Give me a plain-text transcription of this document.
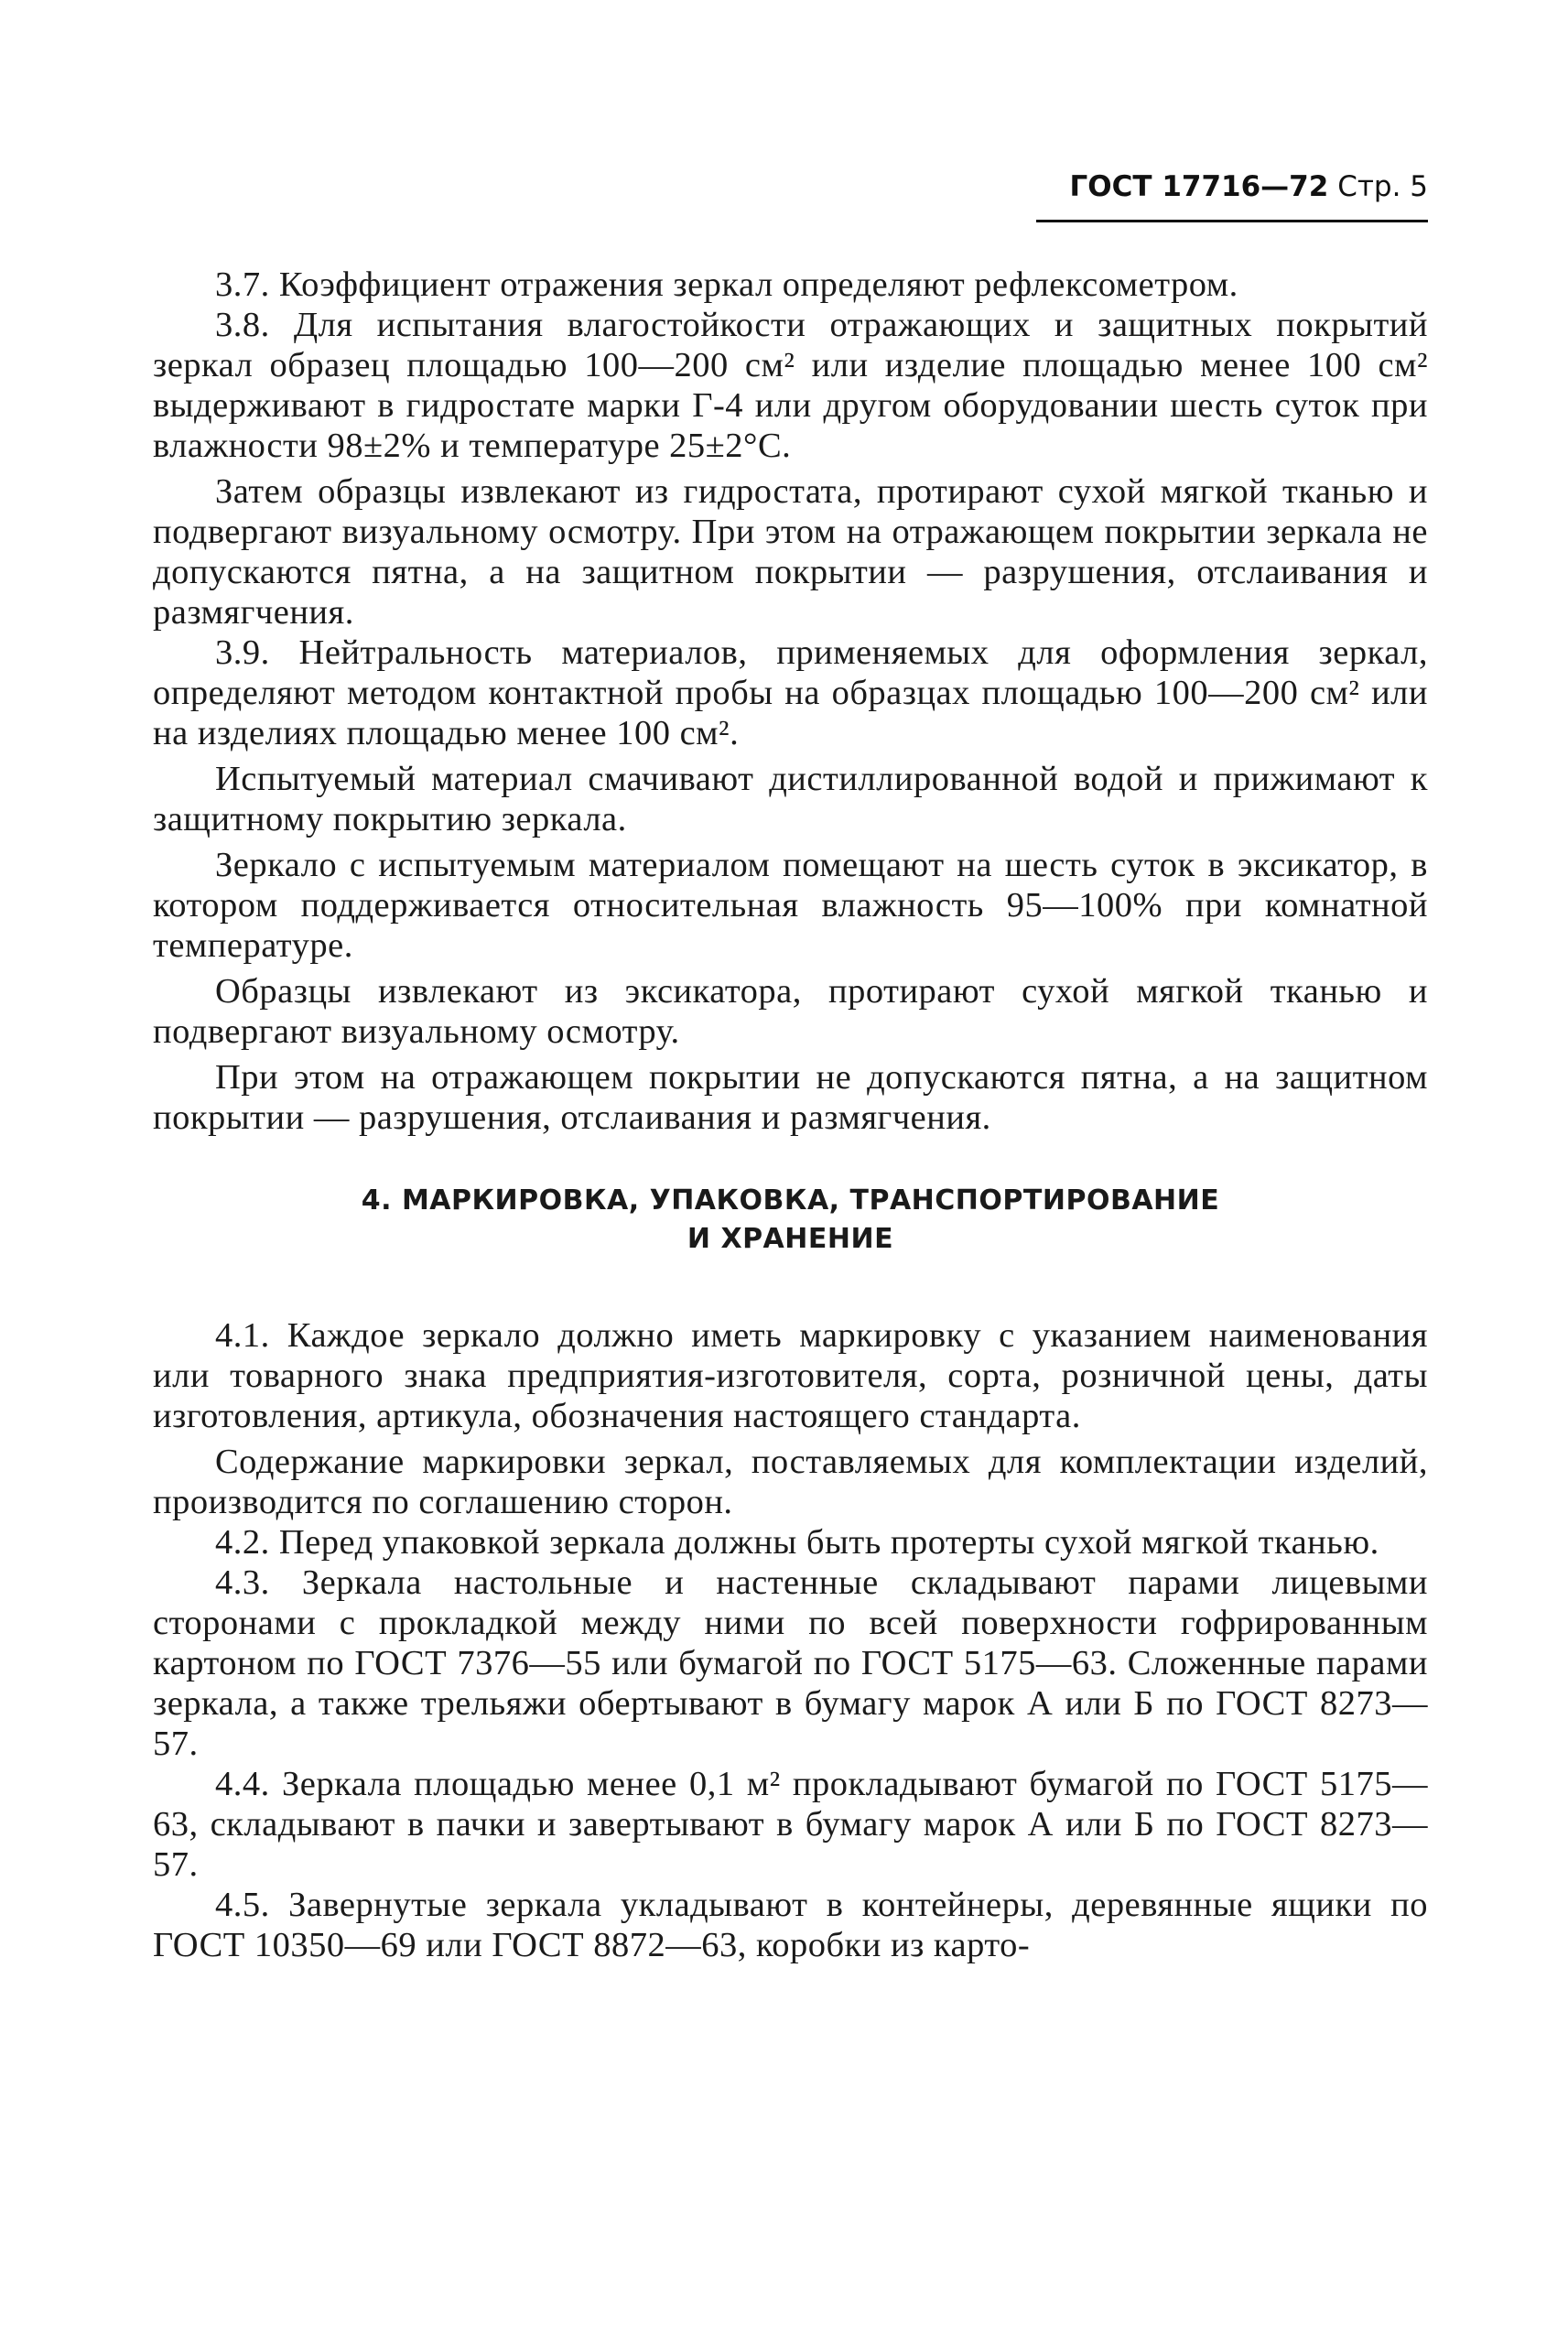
ГОСТ 17716—72 Стр. 5

3.7. Коэффициент отражения зеркал определяют рефлексометром.

3.8. Для испытания влагостойкости отражающих и защитных покрытий зеркал образец площадью 100—200 см² или изделие площадью менее 100 см² выдерживают в гидростате марки Г-4 или другом оборудовании шесть суток при влажности 98±2% и температуре 25±2°С.

Затем образцы извлекают из гидростата, протирают сухой мягкой тканью и подвергают визуальному осмотру. При этом на отражающем покрытии зеркала не допускаются пятна, а на защитном покрытии — разрушения, отслаивания и размягчения.

3.9. Нейтральность материалов, применяемых для оформления зеркал, определяют методом контактной пробы на образцах площадью 100—200 см² или на изделиях площадью менее 100 см².

Испытуемый материал смачивают дистиллированной водой и прижимают к защитному покрытию зеркала.

Зеркало с испытуемым материалом помещают на шесть суток в эксикатор, в котором поддерживается относительная влажность 95—100% при комнатной температуре.

Образцы извлекают из эксикатора, протирают сухой мягкой тканью и подвергают визуальному осмотру.

При этом на отражающем покрытии не допускаются пятна, а на защитном покрытии — разрушения, отслаивания и размягчения.

4. МАРКИРОВКА, УПАКОВКА, ТРАНСПОРТИРОВАНИЕ
И ХРАНЕНИЕ

4.1. Каждое зеркало должно иметь маркировку с указанием наименования или товарного знака предприятия-изготовителя, сорта, розничной цены, даты изготовления, артикула, обозначения настоящего стандарта.

Содержание маркировки зеркал, поставляемых для комплектации изделий, производится по соглашению сторон.

4.2. Перед упаковкой зеркала должны быть протерты сухой мягкой тканью.

4.3. Зеркала настольные и настенные складывают парами лицевыми сторонами с прокладкой между ними по всей поверхности гофрированным картоном по ГОСТ 7376—55 или бумагой по ГОСТ 5175—63. Сложенные парами зеркала, а также трельяжи обертывают в бумагу марок А или Б по ГОСТ 8273—57.

4.4. Зеркала площадью менее 0,1 м² прокладывают бумагой по ГОСТ 5175—63, складывают в пачки и завертывают в бумагу марок А или Б по ГОСТ 8273—57.

4.5. Завернутые зеркала укладывают в контейнеры, деревянные ящики по ГОСТ 10350—69 или ГОСТ 8872—63, коробки из карто-
